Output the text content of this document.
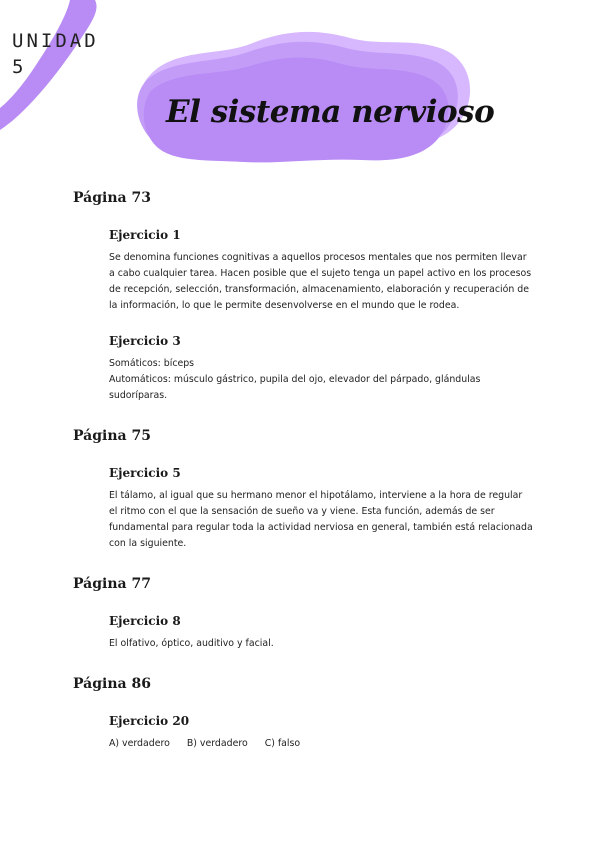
UNIDAD
5
El sistema nervioso
Página 73
Ejercicio 1

Se denomina funciones cognitivas a aquellos procesos mentales que nos permiten llevar a cabo cualquier tarea. Hacen posible que el sujeto tenga un papel activo en los procesos de recepción, selección, transformación, almacenamiento, elaboración y recuperación de la información, lo que le permite desenvolverse en el mundo que le rodea.

Ejercicio 3

Somáticos: bíceps

Automáticos: músculo gástrico, pupila del ojo, elevador del párpado, glándulas sudoríparas.

Página 75
Ejercicio 5

El tálamo, al igual que su hermano menor el hipotálamo, interviene a la hora de regular el ritmo con el que la sensación de sueño va y viene. Esta función, además de ser fundamental para regular toda la actividad nerviosa en general, también está relacionada con la siguiente.

Página 77
Ejercicio 8

El olfativo, óptico, auditivo y facial.

Página 86
Ejercicio 20
A) verdadero B) verdadero C) falso
